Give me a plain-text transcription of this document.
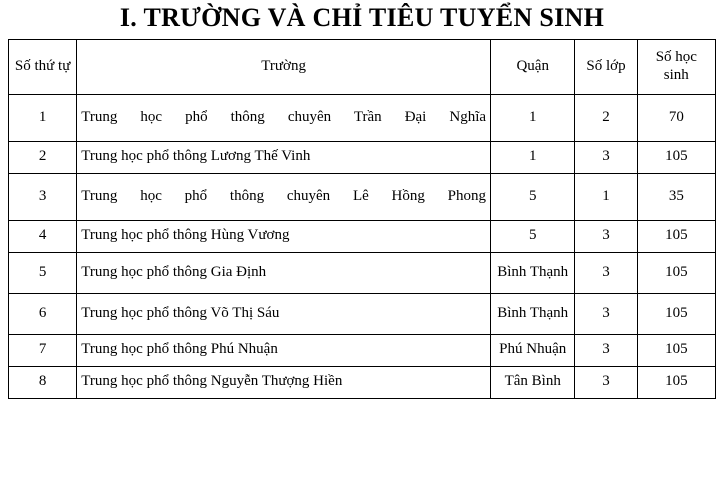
I. TRƯỜNG VÀ CHỈ TIÊU TUYỂN SINH
Số thứ tự	Trường	Quận	Số lớp	Số học sinh
1	Trung học phổ thông chuyên Trần Đại Nghĩa	1	2	70
2	Trung học phổ thông Lương Thế Vinh	1	3	105
3	Trung học phổ thông chuyên Lê Hồng Phong	5	1	35
4	Trung học phổ thông Hùng Vương	5	3	105
5	Trung học phổ thông Gia Định	Bình Thạnh	3	105
6	Trung học phổ thông Võ Thị Sáu	Bình Thạnh	3	105
7	Trung học phổ thông Phú Nhuận	Phú Nhuận	3	105
8	Trung học phổ thông Nguyễn Thượng Hiền	Tân Bình	3	105
